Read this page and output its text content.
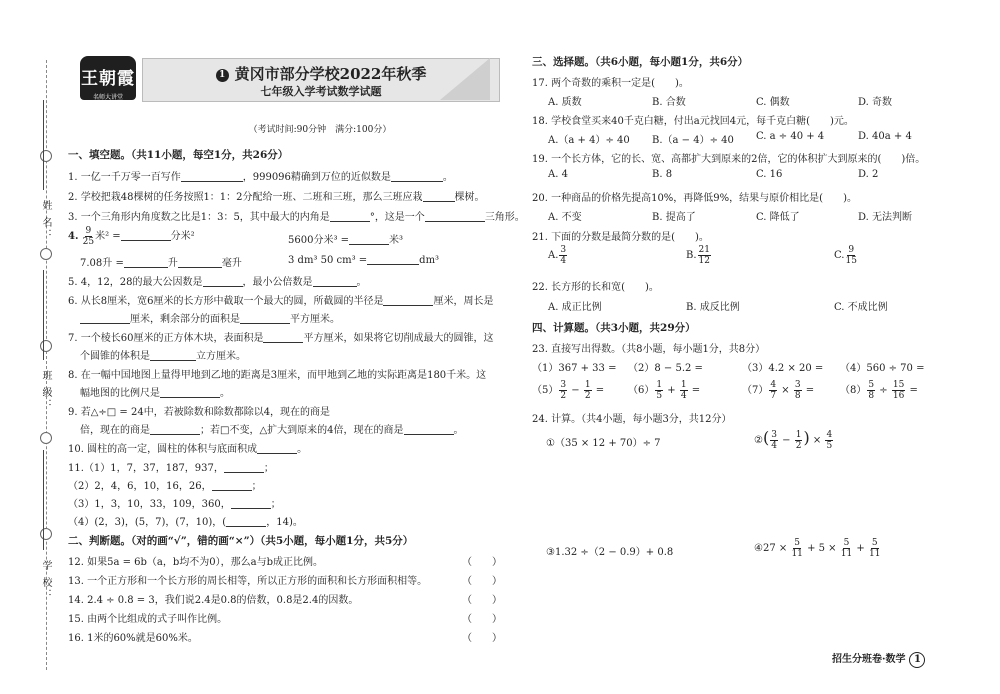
姓 名：
班 级：
学 校：
王朝霞
名师大讲堂
1 黄冈市部分学校2022年秋季
七年级入学考试数学试题
（考试时间:90分钟　满分:100分）
一、填空题。（共11小题，每空1分，共26分）
1. 一亿一千万零一百写作	，999096精确到万位的近似数是	。
2. 学校把栽48棵树的任务按照1：1：2分配给一班、二班和三班，那么三班应栽	棵树。
3. 一个三角形内角度数之比是1：3：5，其中最大的内角是	°，这是一个	三角形。
4. $\frac{9}{25}$ 米² =	分米²	5600分米³ =	米³
7.08升 =	升	毫升	3 dm³ 50 cm³ =	dm³
5. 4，12，28的最大公因数是	，最小公倍数是	。
6. 从长8厘米，宽6厘米的长方形中截取一个最大的圆，所截圆的半径是	厘米，周长是
厘米，剩余部分的面积是	平方厘米。
7. 一个棱长60厘米的正方体木块，表面积是	平方厘米，如果将它切削成最大的圆锥，这
个圆锥的体积是	立方厘米。
8. 在一幅中国地图上量得甲地到乙地的距离是3厘米，而甲地到乙地的实际距离是180千米。这
幅地图的比例尺是	。
9. 若△÷□ = 24中，若被除数和除数都除以4，现在的商是
倍，现在的商是	；若□不变，△扩大到原来的4倍，现在的商是	。
10. 圆柱的高一定，圆柱的体积与底面积成	。
11.（1）1，7，37，187，937，	；
（2）2，4，6，10，16，26，	；
（3）1，3，10，33，109，360，	；
（4）(2，3)，(5，7)，(7，10)，(	，14)。
二、判断题。（对的画“√”，错的画“×”）（共5小题，每小题1分，共5分）
12. 如果5a = 6b（a，b均不为0），那么a与b成正比例。	（　　）
13. 一个正方形和一个长方形的周长相等，所以正方形的面积和长方形面积相等。	（　　）
14. 2.4 ÷ 0.8 = 3，我们说2.4是0.8的倍数，0.8是2.4的因数。	（　　）
15. 由两个比组成的式子叫作比例。	（　　）
16. 1米的60%就是60%米。	（　　）
三、选择题。（共6小题，每小题1分，共6分）
17. 两个奇数的乘积一定是(　　)。
A. 质数	B. 合数	C. 偶数	D. 奇数
18. 学校食堂买来40千克白糖，付出a元找回4元，每千克白糖(　　)元。
A.（a + 4）÷ 40 B.（a − 4）÷ 40 C. a ÷ 40 + 4	D. 40a + 4
19. 一个长方体，它的长、宽、高都扩大到原来的2倍，它的体积扩大到原来的(　　)倍。
A. 4	B. 8	C. 16	D. 2
20. 一种商品的价格先提高10%，再降低9%，结果与原价相比是(　　)。
A. 不变	B. 提高了	C. 降低了	D. 无法判断
21. 下面的分数是最简分数的是(　　)。
A. $\frac{3}{4}$	B. $\frac{21}{12}$	C. $\frac{9}{15}$
22. 长方形的长和宽(　　)。
A. 成正比例	B. 成反比例	C. 不成比例
四、计算题。（共3小题，共29分）
23. 直接写出得数。（共8小题，每小题1分，共8分）
（1）367 + 33 = （2）8 − 5.2 =	（3）4.2 × 20 = （4）560 ÷ 70 =
$(5) \frac{3}{2} - \frac{1}{2} = (6) \frac{1}{5} + \frac{1}{4}$ =	$(7) \frac{4}{7} \times \frac{3}{8}$ =	$(8) \frac{5}{8} \div \frac{15}{16}$ =
24. 计算。（共4小题，每小题3分，共12分）
①（35 × 12 + 70）÷ 7	②( $\frac{3}{4} - \frac{1}{2}$ ) × $\frac{4}{5}$
③1.32 ÷（2 − 0.9）+ 0.8	④27 × $\frac{5}{11} + 5 \times \frac{5}{11} + \frac{5}{11}$
招生分班卷·数学 1
